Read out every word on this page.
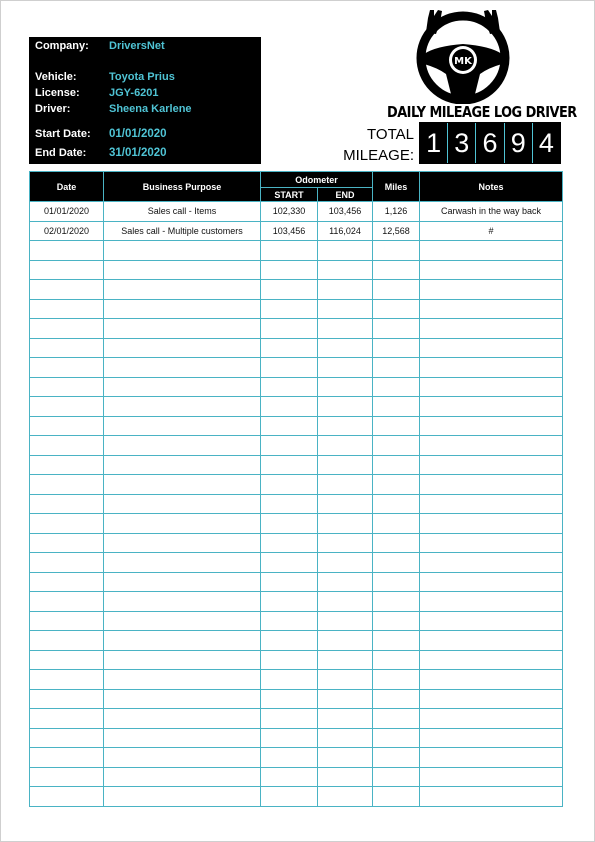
Company: DriversNet
Vehicle:	Toyota Prius
License:	JGY-6201
Driver:	Sheena Karlene
Start Date: 01/01/2020
End Date: 31/01/2020
MK
DAILY MILEAGE LOG DRIVER
TOTAL
MILEAGE: 1 3 6 9 4
Date	Business Purpose	Odometer		Miles	Notes
		START	END		
01/01/2020	Sales call - Items	102,330	103,456	1,126	Carwash in the way back
02/01/2020	Sales call - Multiple customers	103,456	116,024	12,568	#
